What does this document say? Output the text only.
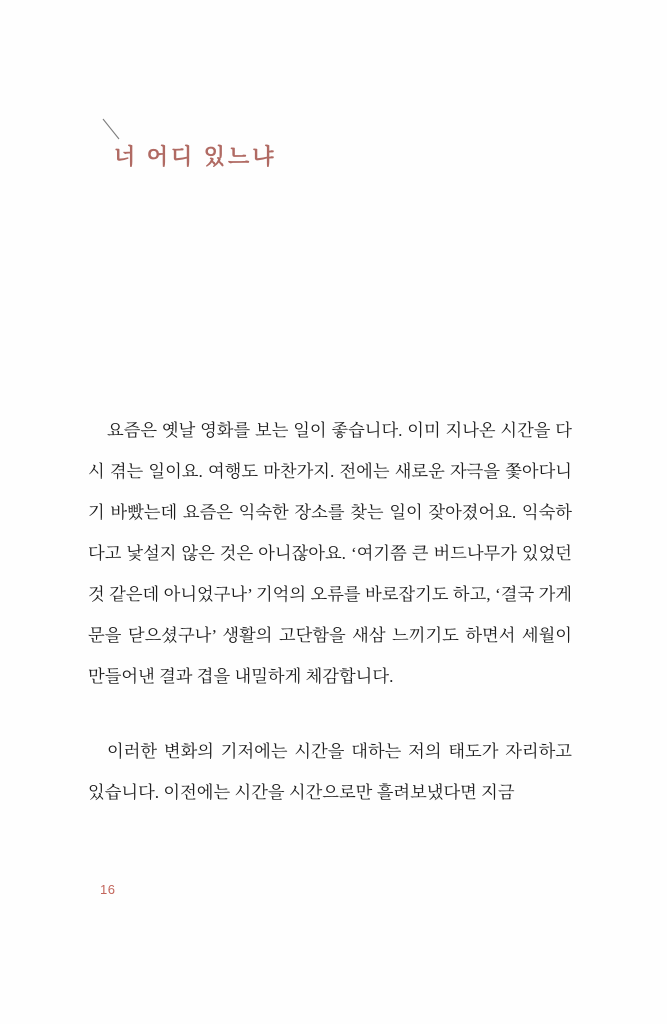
너 어디 있느냐

요즘은 옛날 영화를 보는 일이 좋습니다. 이미 지나온 시간을 다시 겪는 일이요. 여행도 마찬가지. 전에는 새로운 자극을 쫓아다니기 바빴는데 요즘은 익숙한 장소를 찾는 일이 잦아졌어요. 익숙하다고 낯설지 않은 것은 아니잖아요. ‘여기쯤 큰 버드나무가 있었던 것 같은데 아니었구나’ 기억의 오류를 바로잡기도 하고, ‘결국 가게 문을 닫으셨구나’ 생활의 고단함을 새삼 느끼기도 하면서 세월이 만들어낸 결과 겹을 내밀하게 체감합니다.

이러한 변화의 기저에는 시간을 대하는 저의 태도가 자리하고 있습니다. 이전에는 시간을 시간으로만 흘려보냈다면 지금

16
